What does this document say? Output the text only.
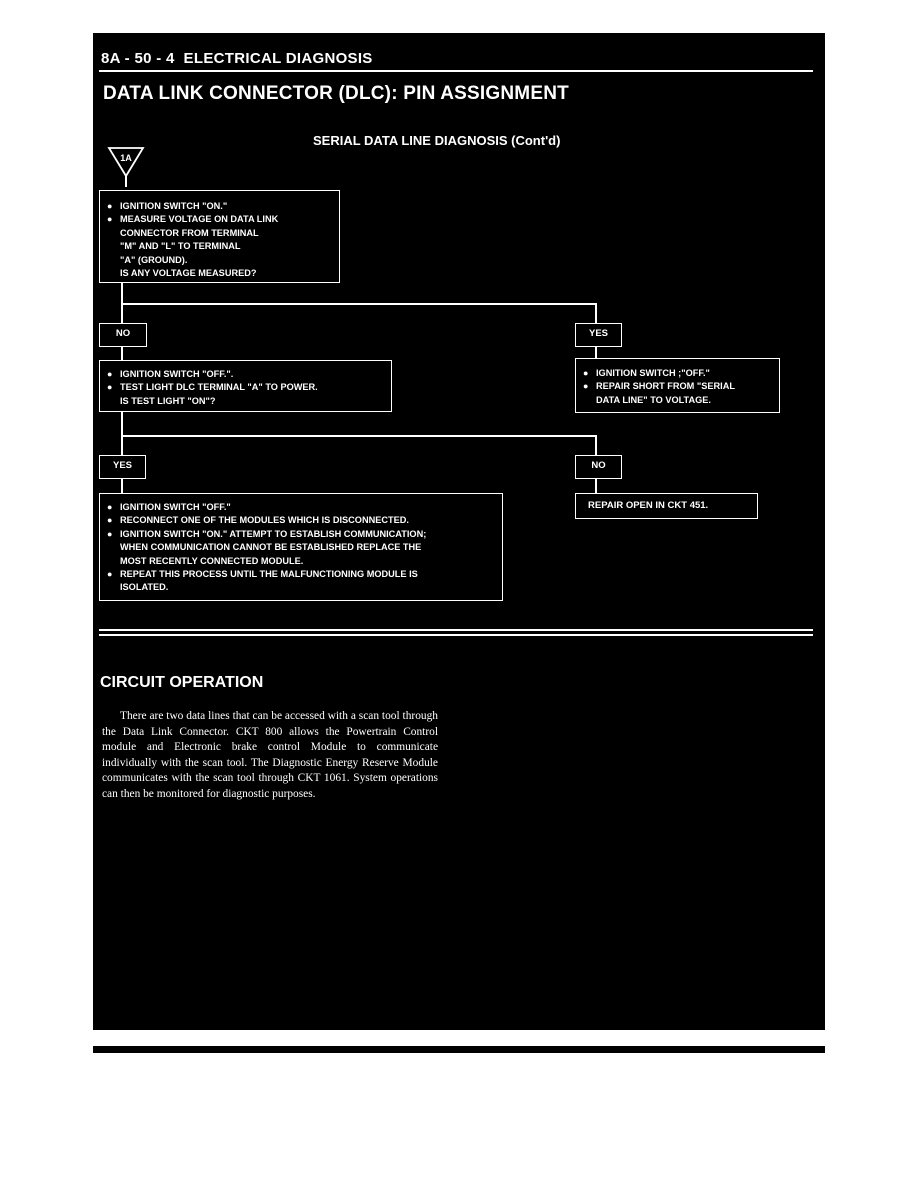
8A - 50 - 4 ELECTRICAL DIAGNOSIS
DATA LINK CONNECTOR (DLC): PIN ASSIGNMENT
SERIAL DATA LINE DIAGNOSIS (Cont'd)
1A
● IGNITION SWITCH "ON."
● MEASURE VOLTAGE ON DATA LINK
CONNECTOR FROM TERMINAL
"M" AND "L" TO TERMINAL
"A" (GROUND).
IS ANY VOLTAGE MEASURED?
NO	YES
● IGNITION SWITCH "OFF.".
● TEST LIGHT DLC TERMINAL "A" TO POWER.
IS TEST LIGHT "ON"?
● IGNITION SWITCH ;"OFF."
● REPAIR SHORT FROM "SERIAL
DATA LINE" TO VOLTAGE.
YES	NO
● IGNITION SWITCH "OFF."
● RECONNECT ONE OF THE MODULES WHICH IS DISCONNECTED.
● IGNITION SWITCH "ON." ATTEMPT TO ESTABLISH COMMUNICATION;
WHEN COMMUNICATION CANNOT BE ESTABLISHED REPLACE THE
MOST RECENTLY CONNECTED MODULE.
● REPEAT THIS PROCESS UNTIL THE MALFUNCTIONING MODULE IS
ISOLATED.
REPAIR OPEN IN CKT 451.
CIRCUIT OPERATION
There are two data lines that can be accessed with a scan tool through the Data Link Connector. CKT 800 allows the Powertrain Control module and Electronic brake control Module to communicate individually with the scan tool. The Diagnostic Energy Reserve Module communicates with the scan tool through CKT 1061. System operations can then be monitored for diagnostic purposes.
